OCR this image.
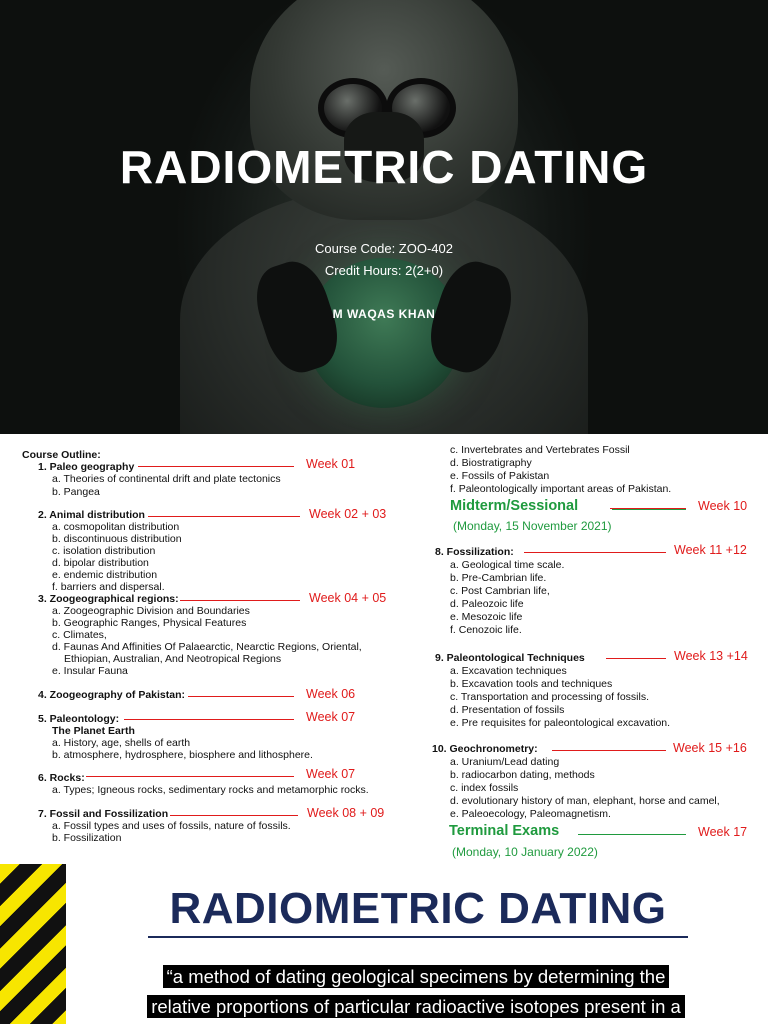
RADIOMETRIC DATING
Course Code: ZOO-402
Credit Hours: 2(2+0)
M WAQAS KHAN
Course Outline:
1. Paleo geography
a. Theories of continental drift and plate tectonics
b. Pangea
2. Animal distribution
a. cosmopolitan distribution
b. discontinuous distribution
c. isolation distribution
d. bipolar distribution
e. endemic distribution
f. barriers and dispersal.
3. Zoogeographical regions:
a. Zoogeographic Division and Boundaries
b. Geographic Ranges, Physical Features
c. Climates,
d. Faunas And Affinities Of Palaearctic, Nearctic Regions, Oriental,
Ethiopian, Australian, And Neotropical Regions
e. Insular Fauna
4. Zoogeography of Pakistan:
5. Paleontology:
The Planet Earth
a. History, age, shells of earth
b. atmosphere, hydrosphere, biosphere and lithosphere.
6. Rocks:
a. Types; Igneous rocks, sedimentary rocks and metamorphic rocks.
7. Fossil and Fossilization
a. Fossil types and uses of fossils, nature of fossils.
b. Fossilization
c. Invertebrates and Vertebrates Fossil
d. Biostratigraphy
e. Fossils of Pakistan
f. Paleontologically important areas of Pakistan.
8. Fossilization:
a. Geological time scale.
b. Pre-Cambrian life.
c. Post Cambrian life,
d. Paleozoic life
e. Mesozoic life
f. Cenozoic life.
9. Paleontological Techniques
a. Excavation techniques
b. Excavation tools and techniques
c. Transportation and processing of fossils.
d. Presentation of fossils
e. Pre requisites for paleontological excavation.
10. Geochronometry:
a. Uranium/Lead dating
b. radiocarbon dating, methods
c. index fossils
d. evolutionary history of man, elephant, horse and camel,
e. Paleoecology, Paleomagnetism.
Week 01
Week 02 + 03
Week 04 + 05
Week 06
Week 07
Week 07
Week 08 + 09
Week 10
Week 11 +12
Week 13 +14
Week 15 +16
Week 17
Midterm/Sessional
(Monday, 15 November 2021)
Terminal Exams
(Monday, 10 January 2022)
RADIOMETRIC DATING
“a method of dating geological specimens by determining the
relative proportions of particular radioactive isotopes present in a
